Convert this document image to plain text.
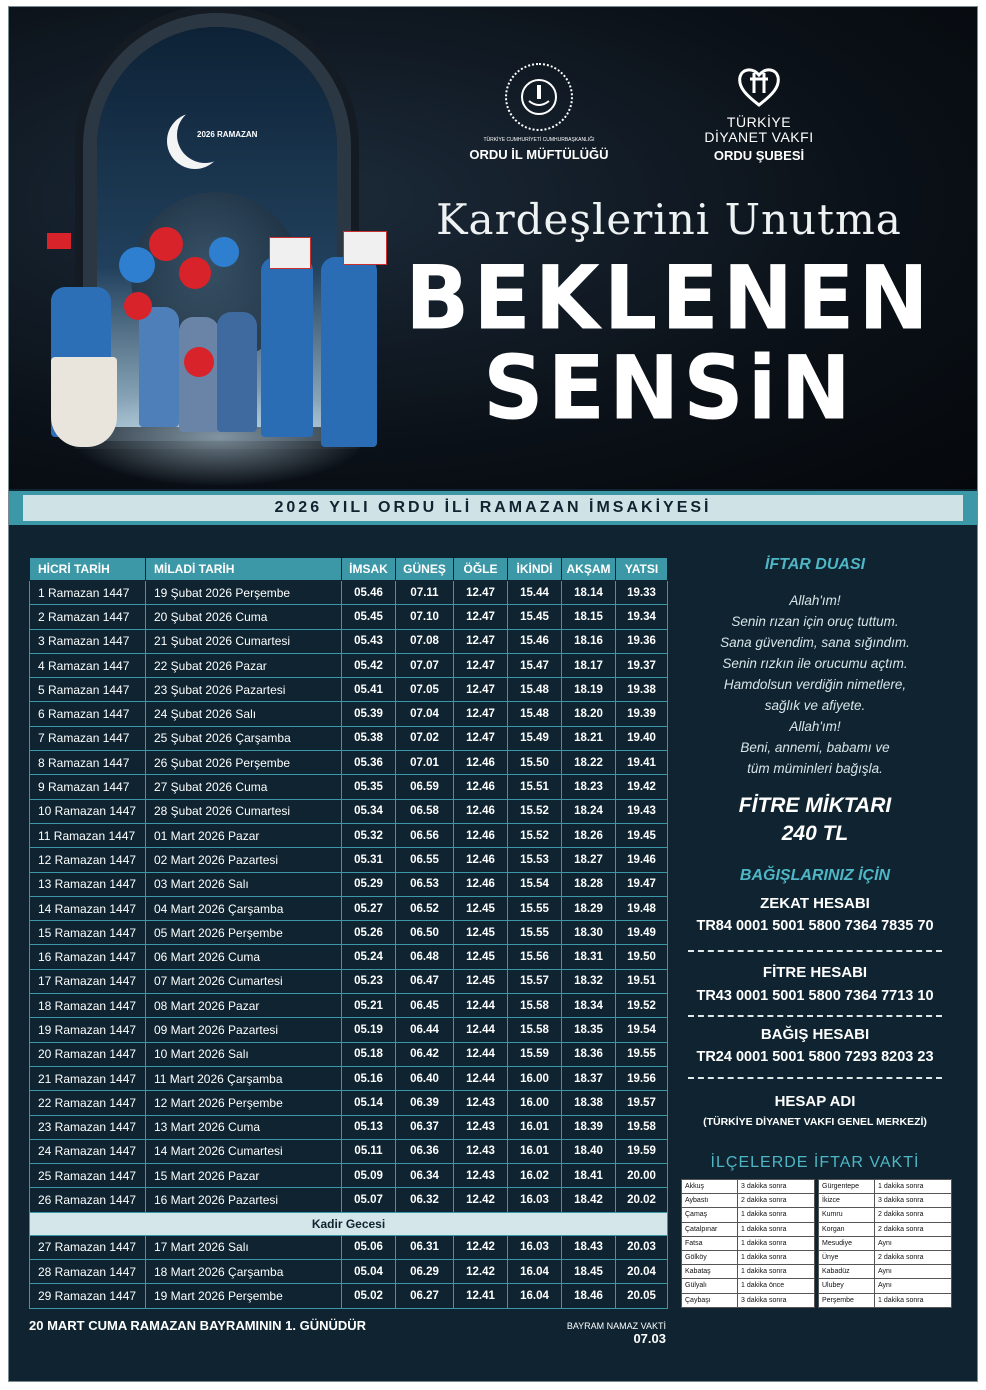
2026 RAMAZAN
TÜRKİYE CUMHURİYETİ CUMHURBAŞKANLIĞI
ORDU İL MÜFTÜLÜĞÜ
TÜRKİYE
DİYANET VAKFI
ORDU ŞUBESİ
Kardeşlerini Unutma
BEKLENEN
SENSiN
2026 YILI ORDU İLİ RAMAZAN İMSAKİYESİ
HİCRİ TARİH	MİLADİ TARİH	İMSAK	GÜNEŞ	ÖĞLE	İKİNDİ	AKŞAM	YATSI
1 Ramazan 1447	19 Şubat 2026 Perşembe	05.46	07.11	12.47	15.44	18.14	19.33
2 Ramazan 1447	20 Şubat 2026 Cuma	05.45	07.10	12.47	15.45	18.15	19.34
3 Ramazan 1447	21 Şubat 2026 Cumartesi	05.43	07.08	12.47	15.46	18.16	19.36
4 Ramazan 1447	22 Şubat 2026 Pazar	05.42	07.07	12.47	15.47	18.17	19.37
5 Ramazan 1447	23 Şubat 2026 Pazartesi	05.41	07.05	12.47	15.48	18.19	19.38
6 Ramazan 1447	24 Şubat 2026 Salı	05.39	07.04	12.47	15.48	18.20	19.39
7 Ramazan 1447	25 Şubat 2026 Çarşamba	05.38	07.02	12.47	15.49	18.21	19.40
8 Ramazan 1447	26 Şubat 2026 Perşembe	05.36	07.01	12.46	15.50	18.22	19.41
9 Ramazan 1447	27 Şubat 2026 Cuma	05.35	06.59	12.46	15.51	18.23	19.42
10 Ramazan 1447	28 Şubat 2026 Cumartesi	05.34	06.58	12.46	15.52	18.24	19.43
11 Ramazan 1447	01 Mart 2026 Pazar	05.32	06.56	12.46	15.52	18.26	19.45
12 Ramazan 1447	02 Mart 2026 Pazartesi	05.31	06.55	12.46	15.53	18.27	19.46
13 Ramazan 1447	03 Mart 2026 Salı	05.29	06.53	12.46	15.54	18.28	19.47
14 Ramazan 1447	04 Mart 2026 Çarşamba	05.27	06.52	12.45	15.55	18.29	19.48
15 Ramazan 1447	05 Mart 2026 Perşembe	05.26	06.50	12.45	15.55	18.30	19.49
16 Ramazan 1447	06 Mart 2026 Cuma	05.24	06.48	12.45	15.56	18.31	19.50
17 Ramazan 1447	07 Mart 2026 Cumartesi	05.23	06.47	12.45	15.57	18.32	19.51
18 Ramazan 1447	08 Mart 2026 Pazar	05.21	06.45	12.44	15.58	18.34	19.52
19 Ramazan 1447	09 Mart 2026 Pazartesi	05.19	06.44	12.44	15.58	18.35	19.54
20 Ramazan 1447	10 Mart 2026 Salı	05.18	06.42	12.44	15.59	18.36	19.55
21 Ramazan 1447	11 Mart 2026 Çarşamba	05.16	06.40	12.44	16.00	18.37	19.56
22 Ramazan 1447	12 Mart 2026 Perşembe	05.14	06.39	12.43	16.00	18.38	19.57
23 Ramazan 1447	13 Mart 2026 Cuma	05.13	06.37	12.43	16.01	18.39	19.58
24 Ramazan 1447	14 Mart 2026 Cumartesi	05.11	06.36	12.43	16.01	18.40	19.59
25 Ramazan 1447	15 Mart 2026 Pazar	05.09	06.34	12.43	16.02	18.41	20.00
26 Ramazan 1447	16 Mart 2026 Pazartesi	05.07	06.32	12.42	16.03	18.42	20.02
Kadir Gecesi							
27 Ramazan 1447	17 Mart 2026 Salı	05.06	06.31	12.42	16.03	18.43	20.03
28 Ramazan 1447	18 Mart 2026 Çarşamba	05.04	06.29	12.42	16.04	18.45	20.04
29 Ramazan 1447	19 Mart 2026 Perşembe	05.02	06.27	12.41	16.04	18.46	20.05
20 MART CUMA RAMAZAN BAYRAMININ 1. GÜNÜDÜR	BAYRAM NAMAZ VAKTİ
07.03
İFTAR DUASI
Allah'ım!
Senin rızan için oruç tuttum.
Sana güvendim, sana sığındım.
Senin rızkın ile orucumu açtım.
Hamdolsun verdiğin nimetlere,
sağlık ve afiyete.
Allah'ım!
Beni, annemi, babamı ve
tüm müminleri bağışla.
FİTRE MİKTARI
240 TL
BAĞIŞLARINIZ İÇİN
ZEKAT HESABI
TR84 0001 5001 5800 7364 7835 70
FİTRE HESABI
TR43 0001 5001 5800 7364 7713 10
BAĞIŞ HESABI
TR24 0001 5001 5800 7293 8203 23
HESAP ADI
(TÜRKİYE DİYANET VAKFI GENEL MERKEZİ)
İLÇELERDE İFTAR VAKTİ
Akkuş	3 dakika sonra
Aybastı	2 dakika sonra
Çamaş	1 dakika sonra
Çatalpınar	1 dakika sonra
Fatsa	1 dakika sonra
Gölköy	1 dakika sonra
Kabataş	1 dakika sonra
Gülyalı	1 dakika önce
Çaybaşı	3 dakika sonra
Gürgentepe	1 dakika sonra
İkizce	3 dakika sonra
Kumru	2 dakika sonra
Korgan	2 dakika sonra
Mesudiye	Aynı
Ünye	2 dakika sonra
Kabadüz	Aynı
Ulubey	Aynı
Perşembe	1 dakika sonra
